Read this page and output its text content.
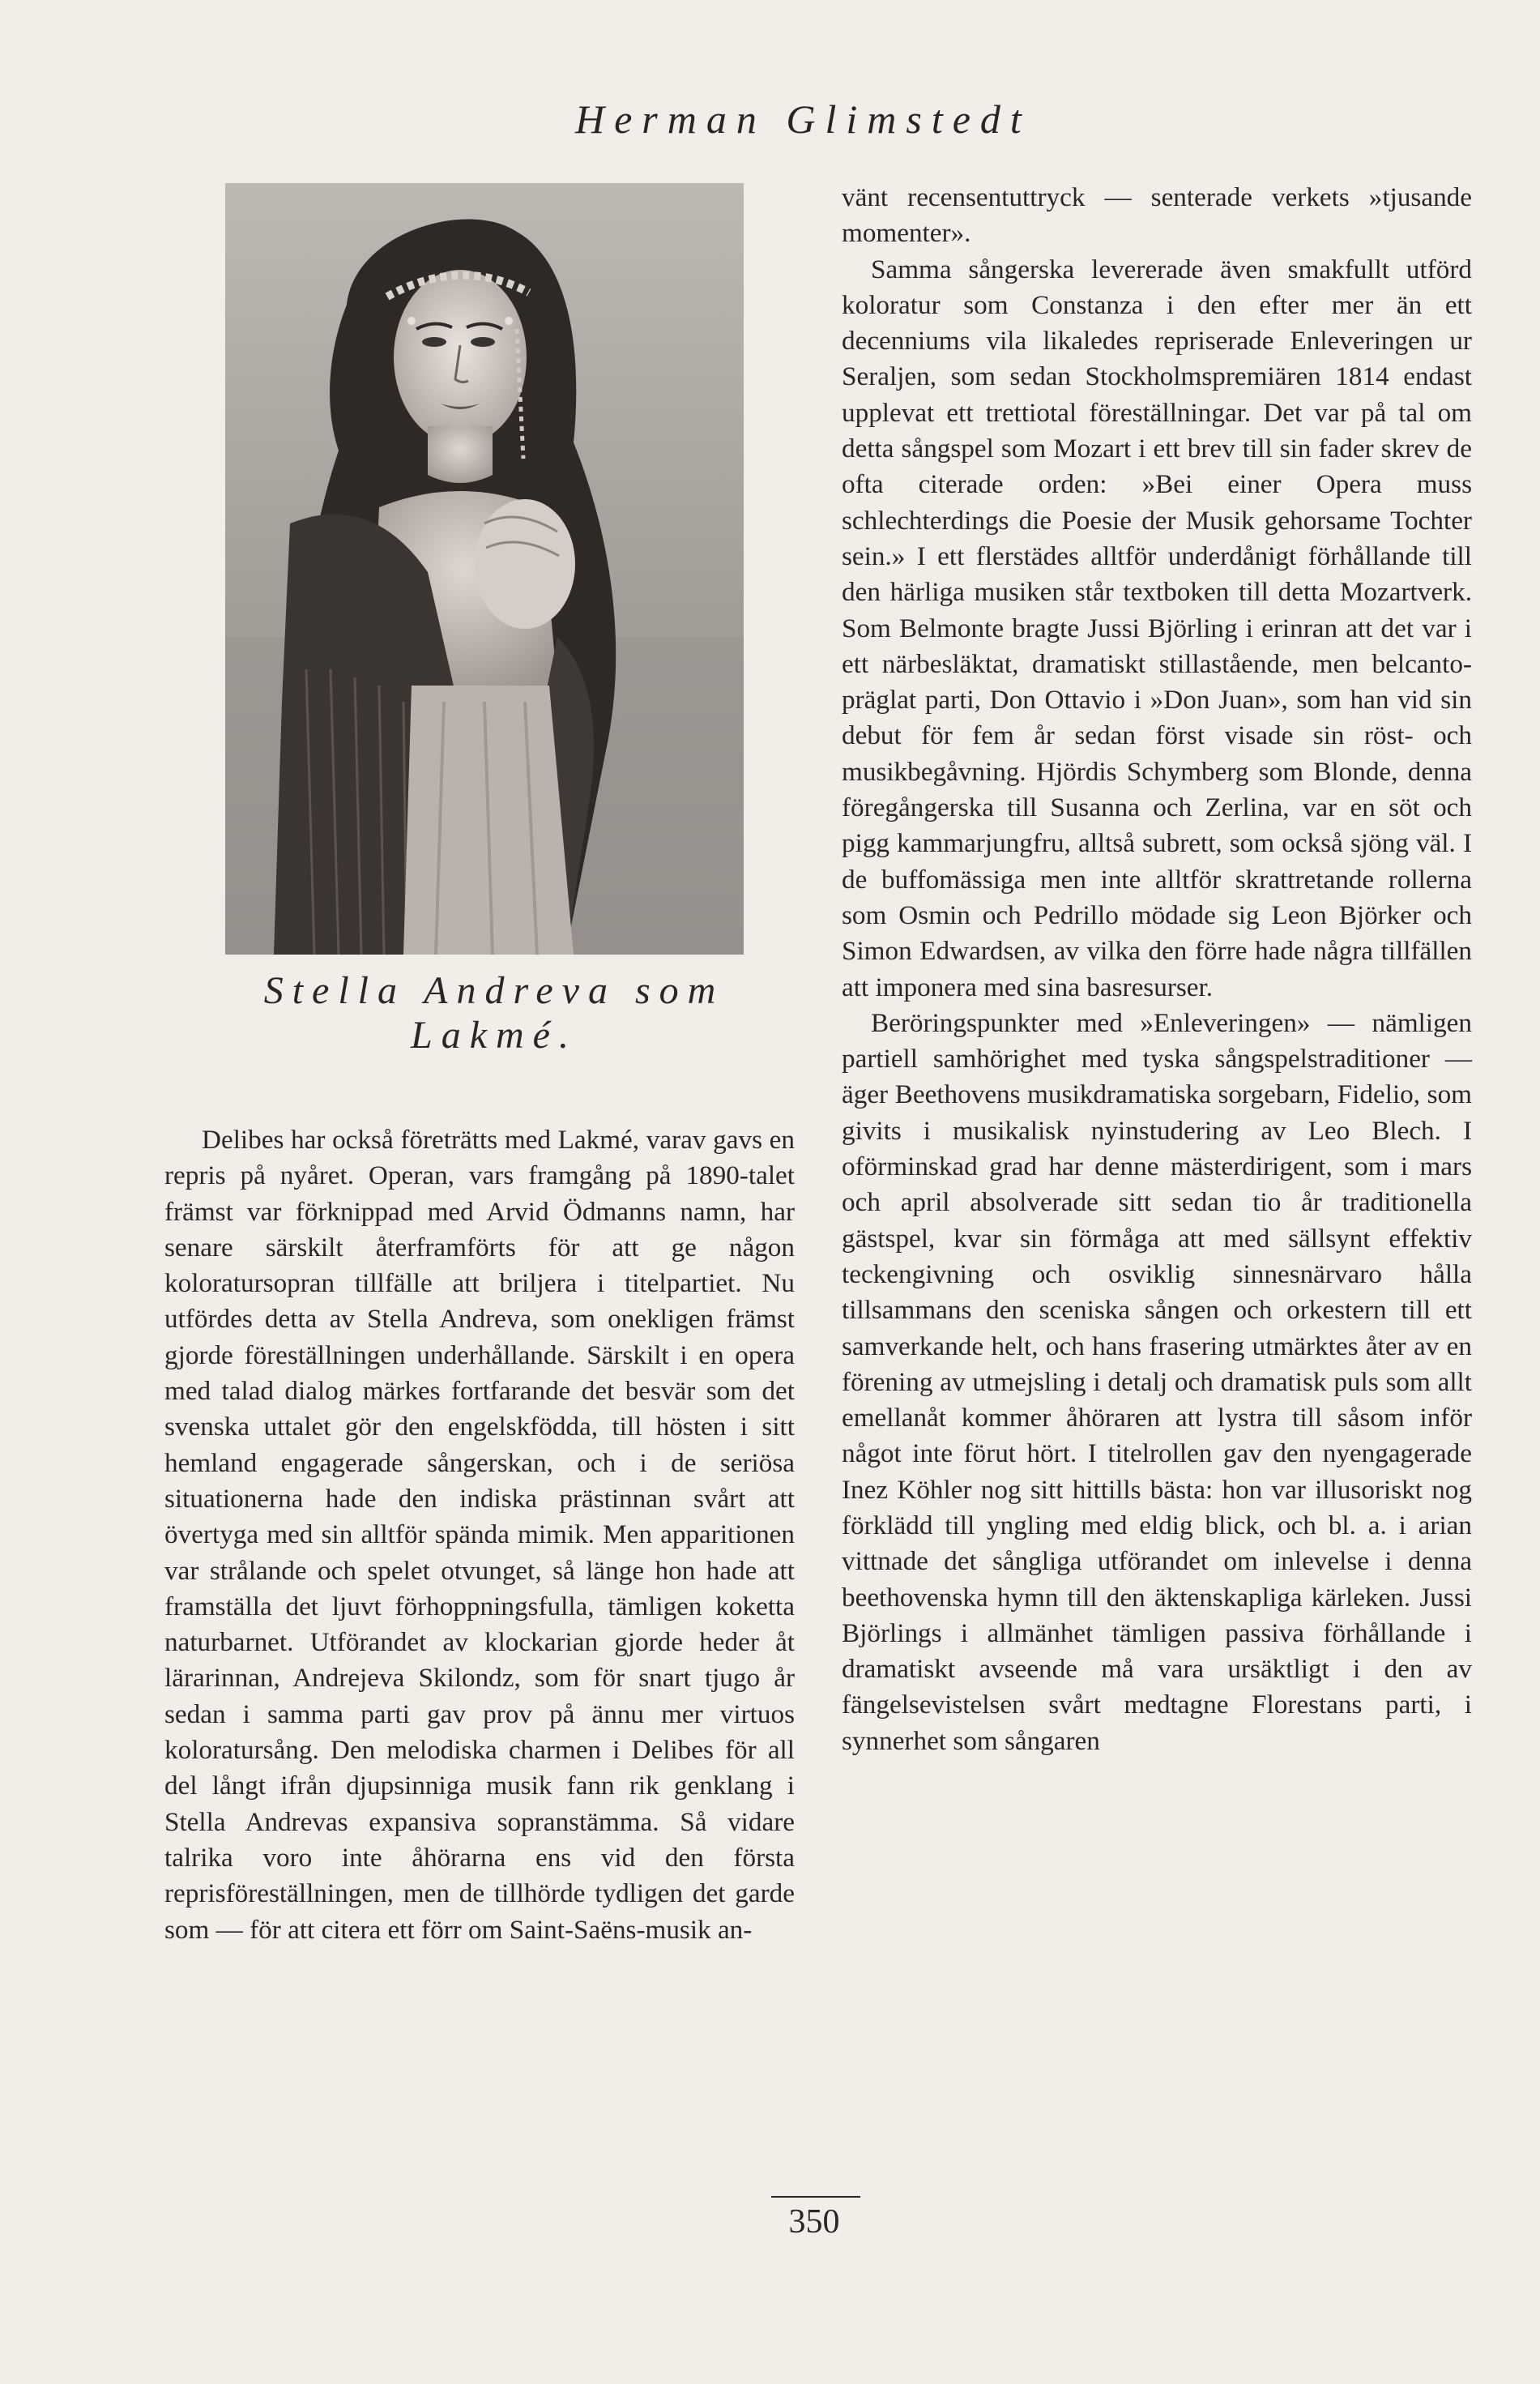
Herman Glimstedt
Stella Andreva som Lakmé.

Delibes har också företrätts med Lakmé, varav gavs en repris på nyåret. Operan, vars framgång på 1890-talet främst var förknippad med Arvid Ödmanns namn, har senare särskilt återframförts för att ge någon koloratursopran tillfälle att briljera i titelpartiet. Nu utfördes detta av Stella Andreva, som onekligen främst gjorde föreställningen underhållande. Särskilt i en opera med talad dialog märkes fortfarande det besvär som det svenska uttalet gör den engelskfödda, till hösten i sitt hemland engagerade sångerskan, och i de seriösa situationerna hade den indiska prästinnan svårt att övertyga med sin alltför spända mimik. Men apparitionen var strålande och spelet otvunget, så länge hon hade att framställa det ljuvt förhoppningsfulla, tämligen koketta naturbarnet. Utförandet av klockarian gjorde heder åt lärarinnan, Andrejeva Skilondz, som för snart tjugo år sedan i samma parti gav prov på ännu mer virtuos koloratursång. Den melodiska charmen i Delibes för all del långt ifrån djupsinniga musik fann rik genklang i Stella Andrevas expansiva sopranstämma. Så vidare talrika voro inte åhörarna ens vid den första reprisföreställningen, men de tillhörde tydligen det garde som — för att citera ett förr om Saint-Saëns-musik an-

vänt recensentuttryck — senterade verkets »tjusande momenter».

Samma sångerska levererade även smakfullt utförd koloratur som Constanza i den efter mer än ett decenniums vila likaledes repriserade Enleveringen ur Seraljen, som sedan Stockholmspremiären 1814 endast upplevat ett trettiotal föreställningar. Det var på tal om detta sångspel som Mozart i ett brev till sin fader skrev de ofta citerade orden: »Bei einer Opera muss schlechterdings die Poesie der Musik gehorsame Tochter sein.» I ett flerstädes alltför underdånigt förhållande till den härliga musiken står textboken till detta Mozartverk. Som Belmonte bragte Jussi Björling i erinran att det var i ett närbesläktat, dramatiskt stillastående, men belcanto-präglat parti, Don Ottavio i »Don Juan», som han vid sin debut för fem år sedan först visade sin röst- och musikbegåvning. Hjördis Schymberg som Blonde, denna föregångerska till Susanna och Zerlina, var en söt och pigg kammarjungfru, alltså subrett, som också sjöng väl. I de buffomässiga men inte alltför skrattretande rollerna som Osmin och Pedrillo mödade sig Leon Björker och Simon Edwardsen, av vilka den förre hade några tillfällen att imponera med sina basresurser.

Beröringspunkter med »Enleveringen» — nämligen partiell samhörighet med tyska sångspelstraditioner — äger Beethovens musikdramatiska sorgebarn, Fidelio, som givits i musikalisk nyinstudering av Leo Blech. I oförminskad grad har denne mästerdirigent, som i mars och april absolverade sitt sedan tio år traditionella gästspel, kvar sin förmåga att med sällsynt effektiv teckengivning och osviklig sinnesnärvaro hålla tillsammans den sceniska sången och orkestern till ett samverkande helt, och hans frasering utmärktes åter av en förening av utmejsling i detalj och dramatisk puls som allt emellanåt kommer åhöraren att lystra till såsom inför något inte förut hört. I titelrollen gav den nyengagerade Inez Köhler nog sitt hittills bästa: hon var illusoriskt nog förklädd till yngling med eldig blick, och bl. a. i arian vittnade det sångliga utförandet om inlevelse i denna beethovenska hymn till den äktenskapliga kärleken. Jussi Björlings i allmänhet tämligen passiva förhållande i dramatiskt avseende må vara ursäktligt i den av fängelsevistelsen svårt medtagne Florestans parti, i synnerhet som sångaren

350
